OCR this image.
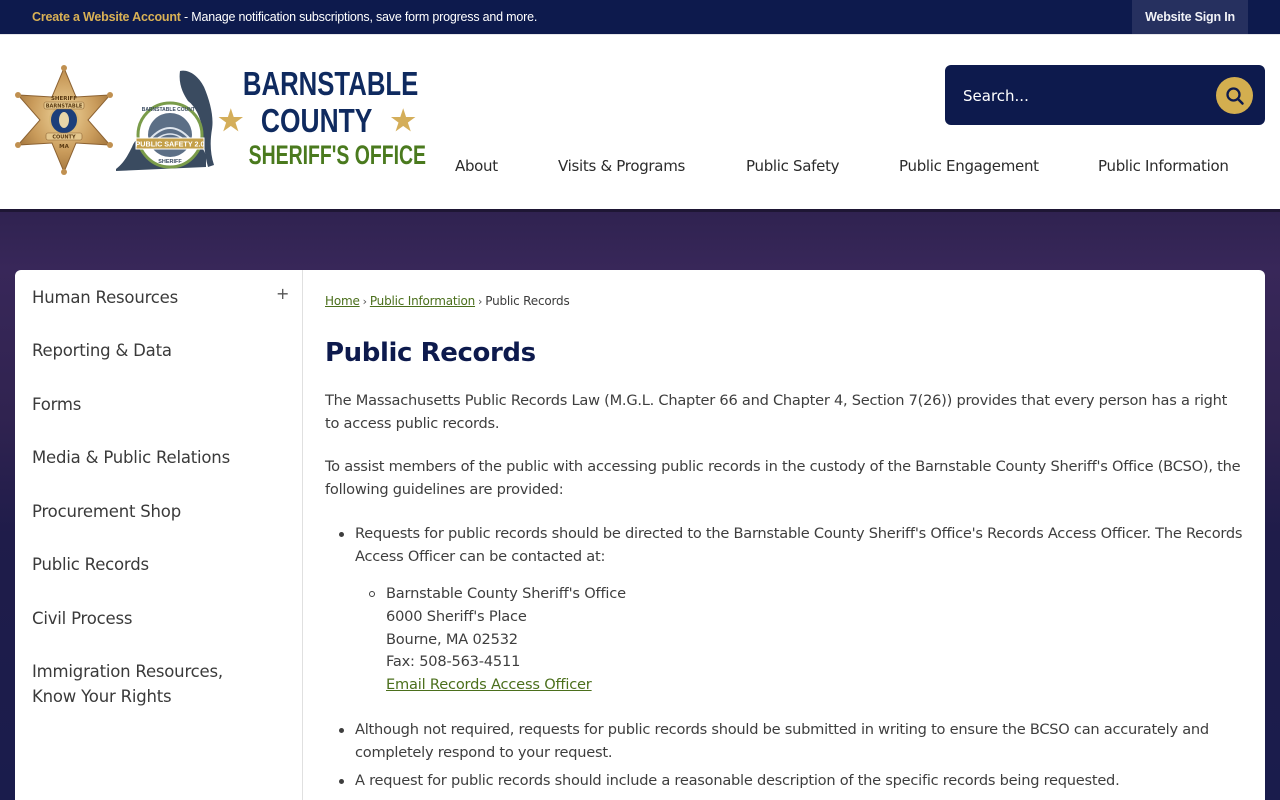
Create a Website Account - Manage notification subscriptions, save form progress and more.	Website Sign In
SHERIFF
BARNSTABLE
COUNTY
MA	PUBLIC SAFETY 2.0
SHERIFF
BARNSTABLE COUNTY
BARNSTABLE
★ COUNTY ★
SHERIFF'S OFFICE
Search... About	Visits & Programs	Public Safety	Public Engagement	Public Information
Human Resources	+
Reporting & Data
Forms
Media & Public Relations
Procurement Shop
Public Records
Civil Process
Immigration Resources, Know Your Rights
Home › Public Information › Public Records
Public Records

The Massachusetts Public Records Law (M.G.L. Chapter 66 and Chapter 4, Section 7(26)) provides that every person has a right to access public records.

To assist members of the public with accessing public records in the custody of the Barnstable County Sheriff's Office (BCSO), the following guidelines are provided:

Requests for public records should be directed to the Barnstable County Sheriff's Office's Records Access Officer. The Records Access Officer can be contacted at:
Barnstable County Sheriff's Office
6000 Sheriff's Place
Bourne, MA 02532
Fax: 508-563-4511
Email Records Access Officer
Although not required, requests for public records should be submitted in writing to ensure the BCSO can accurately and completely respond to your request.
A request for public records should include a reasonable description of the specific records being requested.
